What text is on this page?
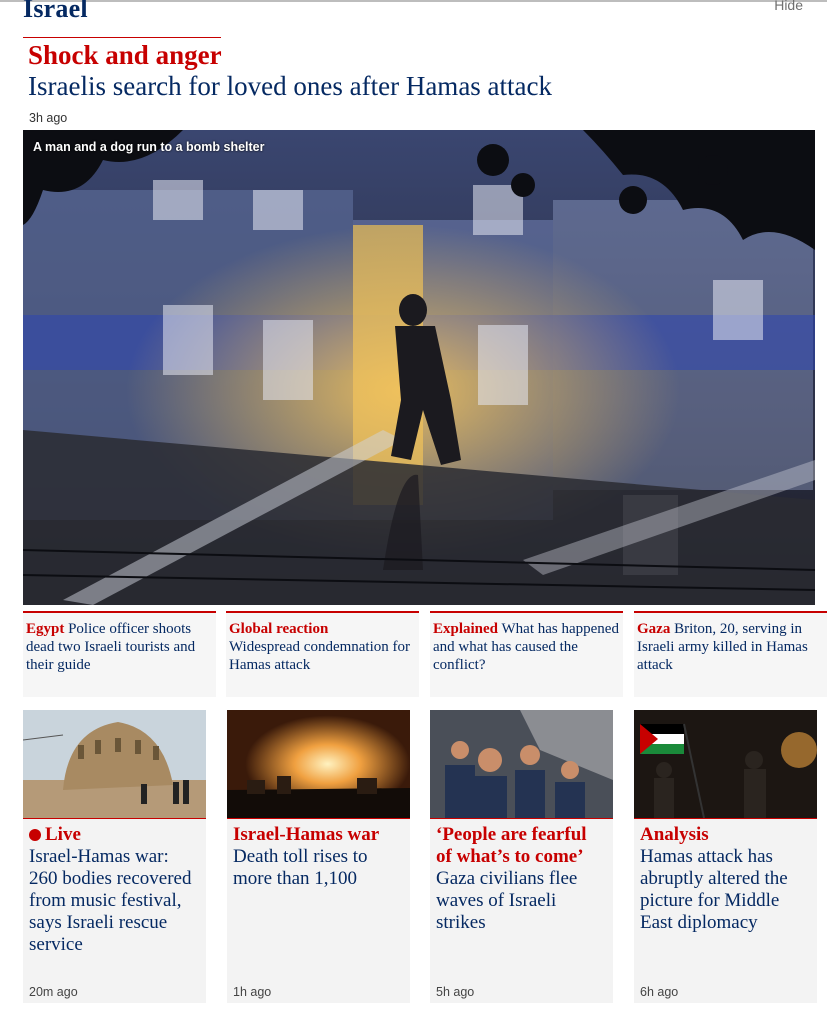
Israel	Hide
Shock and anger
Israelis search for loved ones after Hamas attack
3h ago
A man and a dog run to a bomb shelter
Egypt Police officer shoots dead two Israeli tourists and their guide
Global reaction
Widespread condemnation for Hamas attack
Explained What has happened and what has caused the conflict?
Gaza Briton, 20, serving in Israeli army killed in Hamas attack
Live
Israel-Hamas war: 260 bodies recovered from music festival, says Israeli rescue service
20m ago
Israel-Hamas war
Death toll rises to more than 1,100
1h ago
‘People are fearful of what’s to come’
Gaza civilians flee waves of Israeli strikes
5h ago
Analysis
Hamas attack has abruptly altered the picture for Middle East diplomacy
6h ago
